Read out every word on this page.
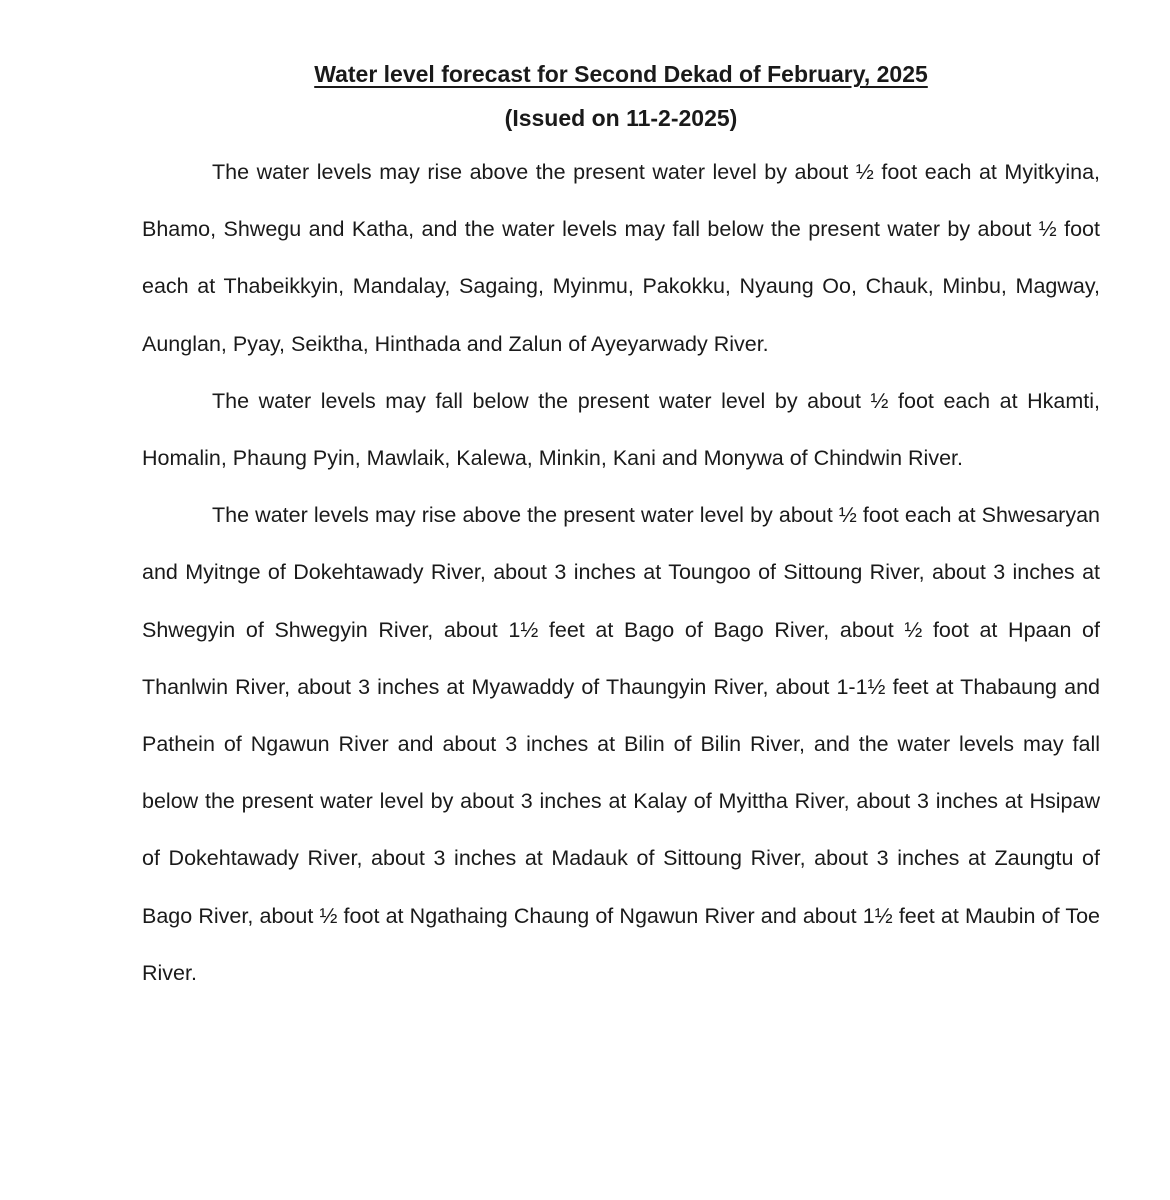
Water level forecast for Second Dekad of February, 2025

(Issued on 11-2-2025)

The water levels may rise above the present water level by about ½ foot each at Myitkyina, Bhamo, Shwegu and Katha, and the water levels may fall below the present water by about ½ foot each at Thabeikkyin, Mandalay, Sagaing, Myinmu, Pakokku, Nyaung Oo, Chauk, Minbu, Magway, Aunglan, Pyay, Seiktha, Hinthada and Zalun of Ayeyarwady River.

The water levels may fall below the present water level by about ½ foot each at Hkamti, Homalin, Phaung Pyin, Mawlaik, Kalewa, Minkin, Kani and Monywa of Chindwin River.

The water levels may rise above the present water level by about ½ foot each at Shwesaryan and Myitnge of Dokehtawady River, about 3 inches at Toungoo of Sittoung River, about 3 inches at Shwegyin of Shwegyin River, about 1½ feet at Bago of Bago River, about ½ foot at Hpaan of Thanlwin River, about 3 inches at Myawaddy of Thaungyin River, about 1-1½ feet at Thabaung and Pathein of Ngawun River and about 3 inches at Bilin of Bilin River, and the water levels may fall below the present water level by about 3 inches at Kalay of Myittha River, about 3 inches at Hsipaw of Dokehtawady River, about 3 inches at Madauk of Sittoung River, about 3 inches at Zaungtu of Bago River, about ½ foot at Ngathaing Chaung of Ngawun River and about 1½ feet at Maubin of Toe River.
